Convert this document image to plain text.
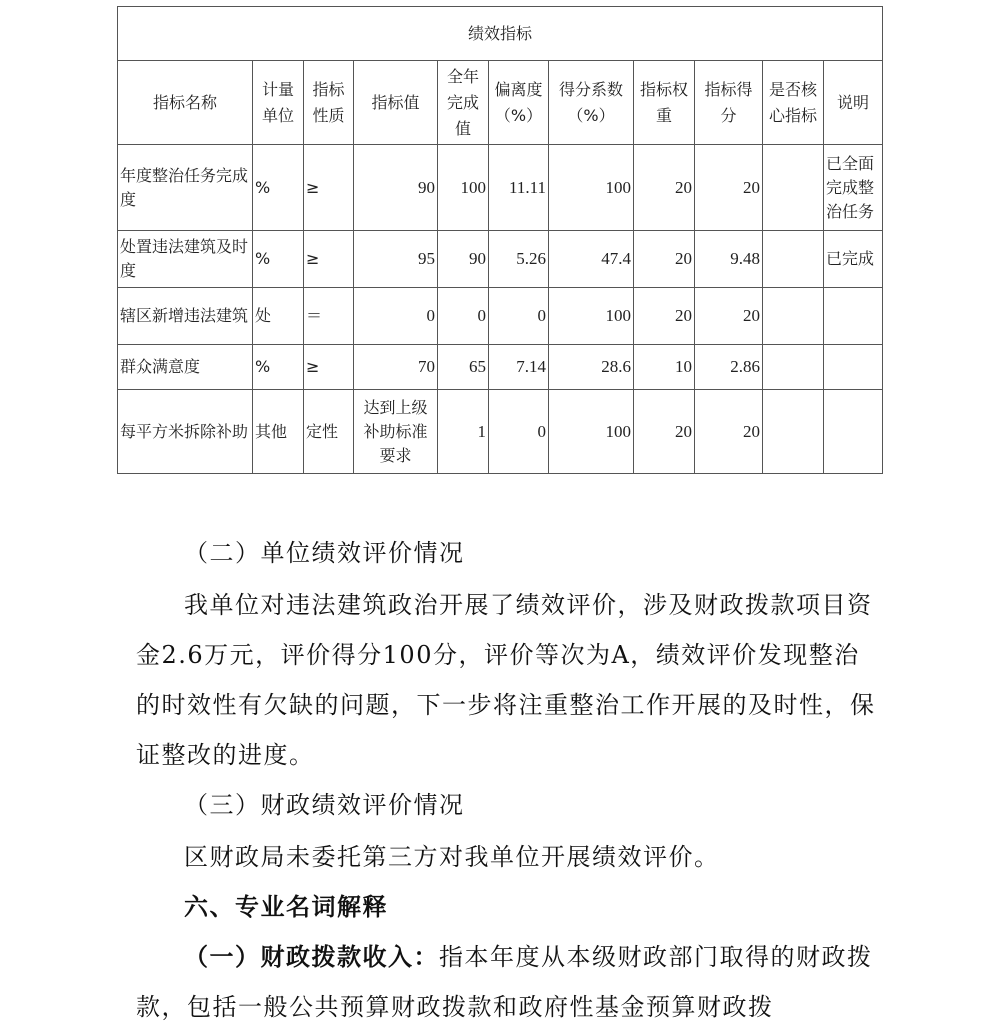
绩效指标										
指标名称	计量单位	指标性质	指标值	全年完成值	偏离度（%）	得分系数（%）	指标权重	指标得分	是否核心指标	说明
年度整治任务完成度	%	≥	90	100	11.11	100	20	20		已全面完成整治任务
处置违法建筑及时度	%	≥	95	90	5.26	47.4	20	9.48		已完成
辖区新增违法建筑	处	＝	0	0	0	100	20	20		
群众满意度	%	≥	70	65	7.14	28.6	10	2.86		
每平方米拆除补助	其他	定性	达到上级补助标准要求	1	0	100	20	20		

（二）单位绩效评价情况

我单位对违法建筑政治开展了绩效评价，涉及财政拨款项目资金2.6万元，评价得分100分，评价等次为A，绩效评价发现整治的时效性有欠缺的问题，下一步将注重整治工作开展的及时性，保证整改的进度。

（三）财政绩效评价情况

区财政局未委托第三方对我单位开展绩效评价。

六、专业名词解释

（一）财政拨款收入：指本年度从本级财政部门取得的财政拨款，包括一般公共预算财政拨款和政府性基金预算财政拨
